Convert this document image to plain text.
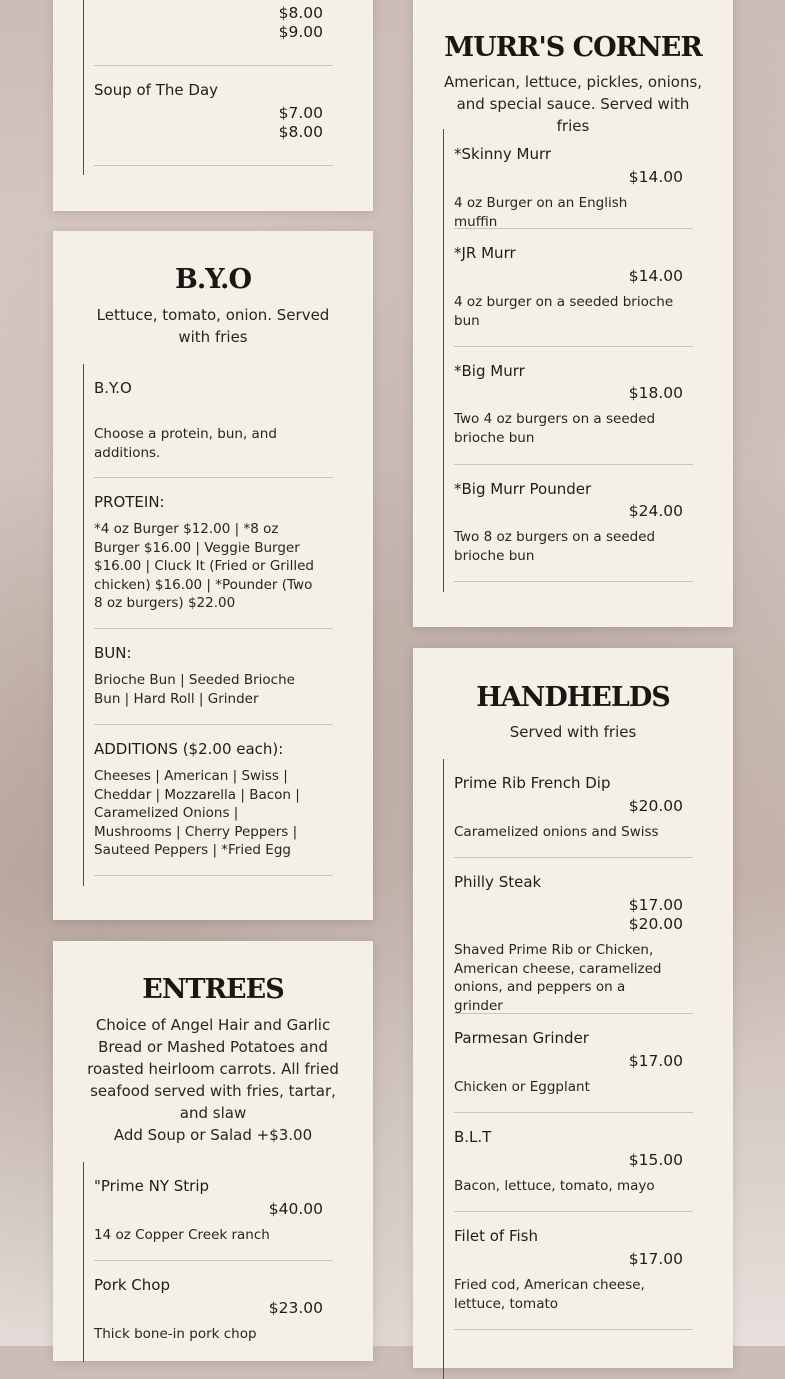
$8.00
$9.00
Soup of The Day
$7.00
$8.00
B.Y.O
Lettuce, tomato, onion. Served with fries
B.Y.O
Choose a protein, bun, and additions.
PROTEIN:
*4 oz Burger $12.00 | *8 oz Burger $16.00 | Veggie Burger $16.00 | Cluck It (Fried or Grilled chicken) $16.00 | *Pounder (Two 8 oz burgers) $22.00
BUN:
Brioche Bun | Seeded Brioche Bun | Hard Roll | Grinder
ADDITIONS ($2.00 each):
Cheeses | American | Swiss | Cheddar | Mozzarella | Bacon | Caramelized Onions | Mushrooms | Cherry Peppers | Sauteed Peppers | *Fried Egg
ENTREES
Choice of Angel Hair and Garlic Bread or Mashed Potatoes and roasted heirloom carrots. All fried seafood served with fries, tartar, and slaw
Add Soup or Salad +$3.00
"Prime NY Strip
$40.00
14 oz Copper Creek ranch
Pork Chop
$23.00
Thick bone-in pork chop
MURR'S CORNER
American, lettuce, pickles, onions, and special sauce. Served with fries
*Skinny Murr
$14.00
4 oz Burger on an English muffin
*JR Murr
$14.00
4 oz burger on a seeded brioche bun
*Big Murr
$18.00
Two 4 oz burgers on a seeded brioche bun
*Big Murr Pounder
$24.00
Two 8 oz burgers on a seeded brioche bun
HANDHELDS
Served with fries
Prime Rib French Dip
$20.00
Caramelized onions and Swiss
Philly Steak
$17.00
$20.00
Shaved Prime Rib or Chicken, American cheese, caramelized onions, and peppers on a grinder
Parmesan Grinder
$17.00
Chicken or Eggplant
B.L.T
$15.00
Bacon, lettuce, tomato, mayo
Filet of Fish
$17.00
Fried cod, American cheese, lettuce, tomato
